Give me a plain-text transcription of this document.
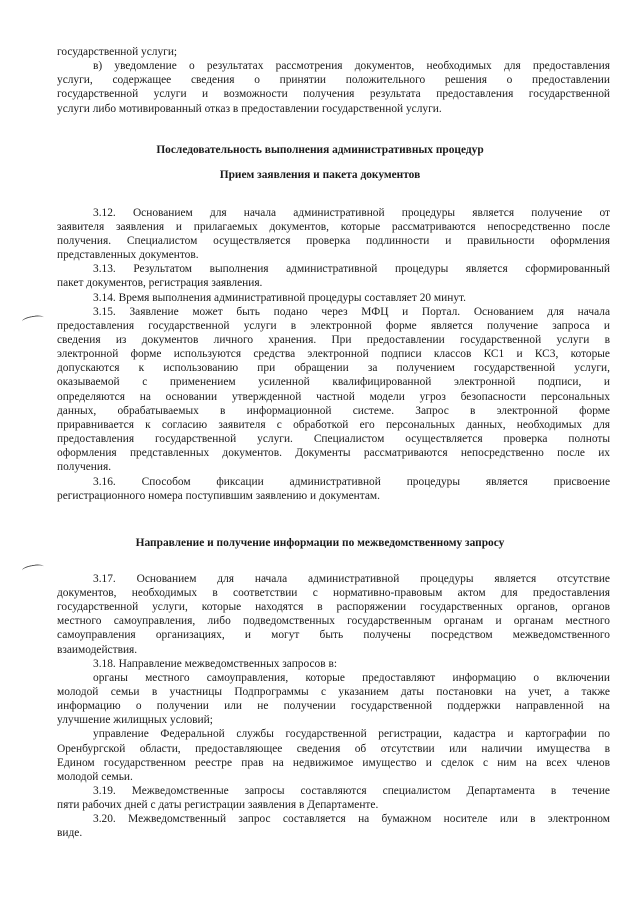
государственной услуги;
в) уведомление о результатах рассмотрения документов, необходимых для предоставления
услуги, содержащее сведения о принятии положительного решения о предоставлении
государственной услуги и возможности получения результата предоставления государственной
услуги либо мотивированный отказ в предоставлении государственной услуги.
Последовательность выполнения административных процедур
Прием заявления и пакета документов
3.12. Основанием для начала административной процедуры является получение от
заявителя заявления и прилагаемых документов, которые рассматриваются непосредственно после
получения. Специалистом осуществляется проверка подлинности и правильности оформления
представленных документов.
3.13. Результатом выполнения административной процедуры является сформированный
пакет документов, регистрация заявления.
3.14. Время выполнения административной процедуры составляет 20 минут.
3.15. Заявление может быть подано через МФЦ и Портал. Основанием для начала
предоставления государственной услуги в электронной форме является получение запроса и
сведения из документов личного хранения. При предоставлении государственной услуги в
электронной форме используются средства электронной подписи классов КС1 и КС3, которые
допускаются к использованию при обращении за получением государственной услуги,
оказываемой с применением усиленной квалифицированной электронной подписи, и
определяются на основании утвержденной частной модели угроз безопасности персональных
данных, обрабатываемых в информационной системе. Запрос в электронной форме
приравнивается к согласию заявителя с обработкой его персональных данных, необходимых для
предоставления государственной услуги. Специалистом осуществляется проверка полноты
оформления представленных документов. Документы рассматриваются непосредственно после их
получения.
3.16. Способом фиксации административной процедуры является присвоение
регистрационного номера поступившим заявлению и документам.
Направление и получение информации по межведомственному запросу
3.17. Основанием для начала административной процедуры является отсутствие
документов, необходимых в соответствии с нормативно-правовым актом для предоставления
государственной услуги, которые находятся в распоряжении государственных органов, органов
местного самоуправления, либо подведомственных государственным органам и органам местного
самоуправления организациях, и могут быть получены посредством межведомственного
взаимодействия.
3.18. Направление межведомственных запросов в:
органы местного самоуправления, которые предоставляют информацию о включении
молодой семьи в участницы Подпрограммы с указанием даты постановки на учет, а также
информацию о получении или не получении государственной поддержки направленной на
улучшение жилищных условий;
управление Федеральной службы государственной регистрации, кадастра и картографии по
Оренбургской области, предоставляющее сведения об отсутствии или наличии имущества в
Едином государственном реестре прав на недвижимое имущество и сделок с ним на всех членов
молодой семьи.
3.19. Межведомственные запросы составляются специалистом Департамента в течение
пяти рабочих дней с даты регистрации заявления в Департаменте.
3.20. Межведомственный запрос составляется на бумажном носителе или в электронном
виде.
